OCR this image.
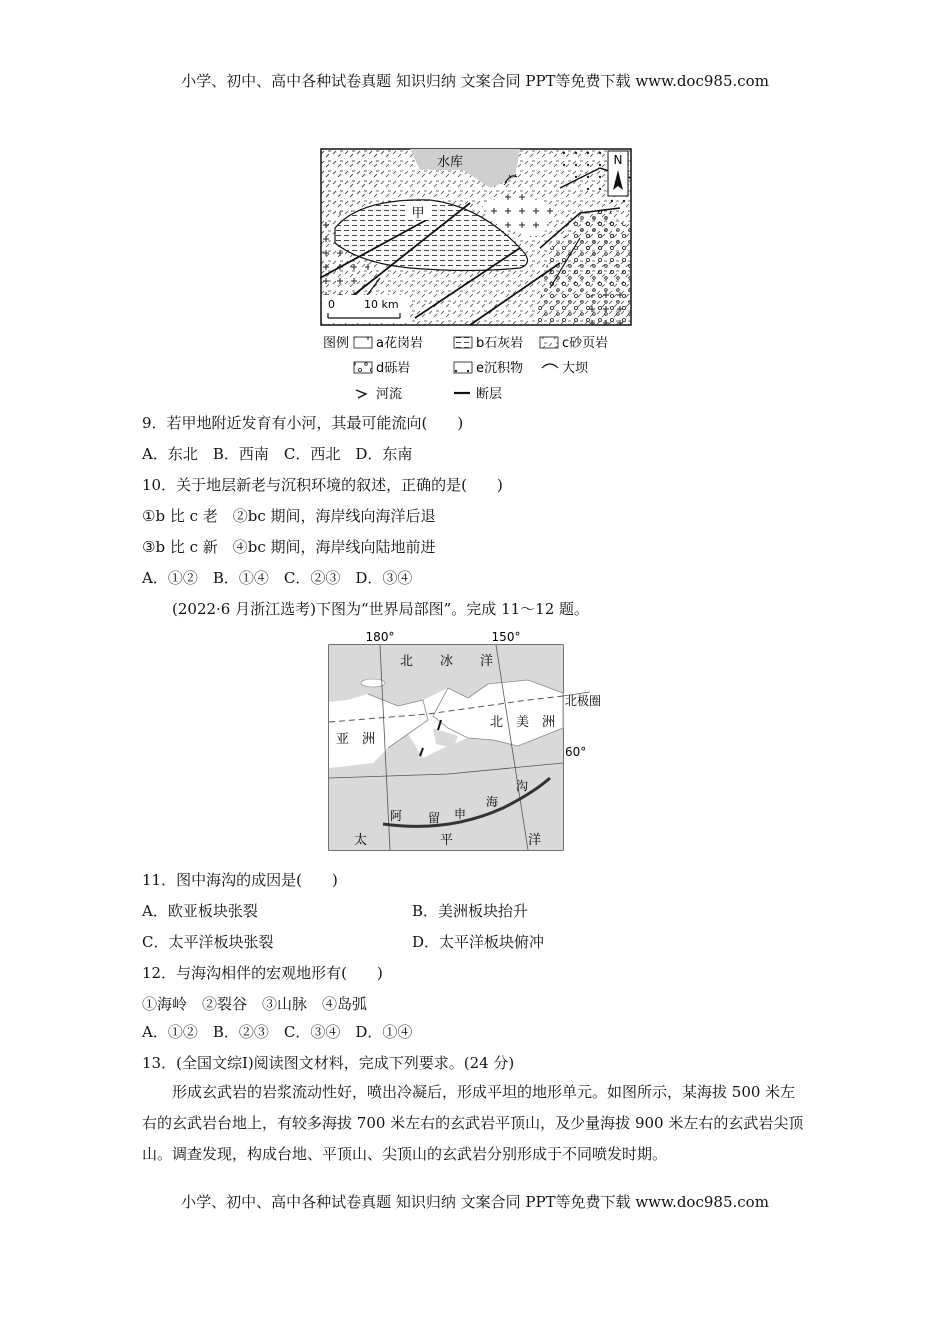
小学、初中、高中各种试卷真题 知识归纳 文案合同 PPT等免费下载 www.doc985.com
N
水库
甲
0	10 km
图例 a花岗岩	b石灰岩	c砂页岩
d砾岩	e沉积物	大坝
河流	断层
9．若甲地附近发育有小河，其最可能流向(　　)
A．东北　B．西南　C．西北　D．东南
10．关于地层新老与沉积环境的叙述，正确的是(　　)
①b 比 c 老　②bc 期间，海岸线向海洋后退
③b 比 c 新　④bc 期间，海岸线向陆地前进
A．①②　B．①④　C．②③　D．③④
(2022·6 月浙江选考)下图为“世界局部图”。完成 11～12 题。
180°	150°
北极圈
60°
北 冰 洋
亚　洲
北　美　洲
阿 留 申
海
沟
太	平	洋
11．图中海沟的成因是(　　)
A．欧亚板块张裂	B．美洲板块抬升
C．太平洋板块张裂	D．太平洋板块俯冲
12．与海沟相伴的宏观地形有(　　)
①海岭　②裂谷　③山脉　④岛弧
A．①②　B．②③　C．③④　D．①④
13．(全国文综Ⅰ)阅读图文材料，完成下列要求。(24 分)
形成玄武岩的岩浆流动性好，喷出冷凝后，形成平坦的地形单元。如图所示，某海拔 500 米左右的玄武岩台地上，有较多海拔 700 米左右的玄武岩平顶山，及少量海拔 900 米左右的玄武岩尖顶山。调查发现，构成台地、平顶山、尖顶山的玄武岩分别形成于不同喷发时期。
小学、初中、高中各种试卷真题 知识归纳 文案合同 PPT等免费下载 www.doc985.com
